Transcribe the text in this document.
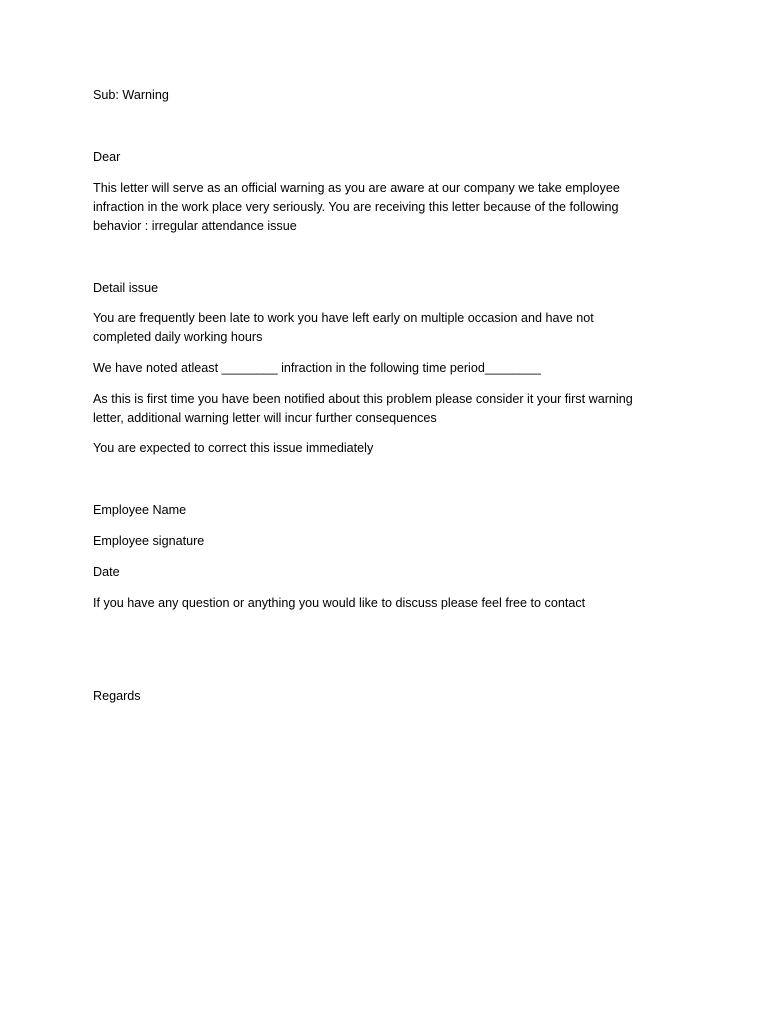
Sub: Warning
Dear
This letter will serve as an official warning as you are aware at our company we take employee
infraction in the work place very seriously. You are receiving this letter because of the following
behavior : irregular attendance issue
Detail issue
You are frequently been late to work you have left early on multiple occasion and have not
completed daily working hours
We have noted atleast ________ infraction in the following time period________
As this is first time you have been notified about this problem please consider it your first warning
letter, additional warning letter will incur further consequences
You are expected to correct this issue immediately
Employee Name
Employee signature
Date
If you have any question or anything you would like to discuss please feel free to contact
Regards
